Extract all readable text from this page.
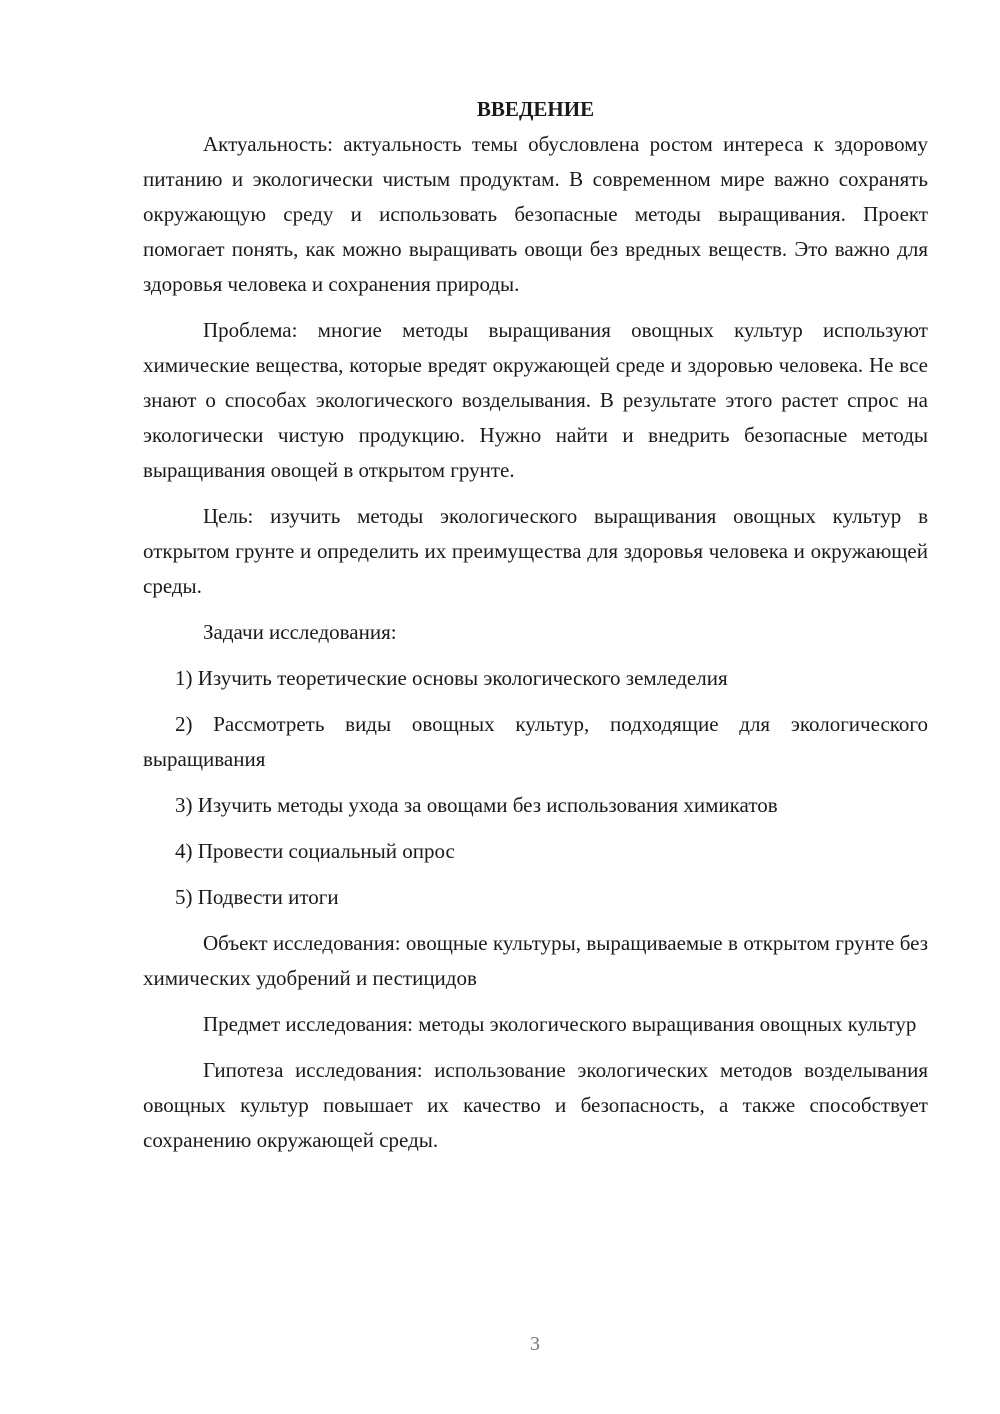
ВВЕДЕНИЕ

Актуальность: актуальность темы обусловлена ростом интереса к здоровому питанию и экологически чистым продуктам. В современном мире важно сохранять окружающую среду и использовать безопасные методы выращивания. Проект помогает понять, как можно выращивать овощи без вредных веществ. Это важно для здоровья человека и сохранения природы.

Проблема: многие методы выращивания овощных культур используют химические вещества, которые вредят окружающей среде и здоровью человека. Не все знают о способах экологического возделывания. В результате этого растет спрос на экологически чистую продукцию. Нужно найти и внедрить безопасные методы выращивания овощей в открытом грунте.

Цель: изучить методы экологического выращивания овощных культур в открытом грунте и определить их преимущества для здоровья человека и окружающей среды.

Задачи исследования:

1) Изучить теоретические основы экологического земледелия

2) Рассмотреть виды овощных культур, подходящие для экологического выращивания

3) Изучить методы ухода за овощами без использования химикатов

4) Провести социальный опрос

5) Подвести итоги

Объект исследования: овощные культуры, выращиваемые в открытом грунте без химических удобрений и пестицидов

Предмет исследования: методы экологического выращивания овощных культур

Гипотеза исследования: использование экологических методов возделывания овощных культур повышает их качество и безопасность, а также способствует сохранению окружающей среды.

3
